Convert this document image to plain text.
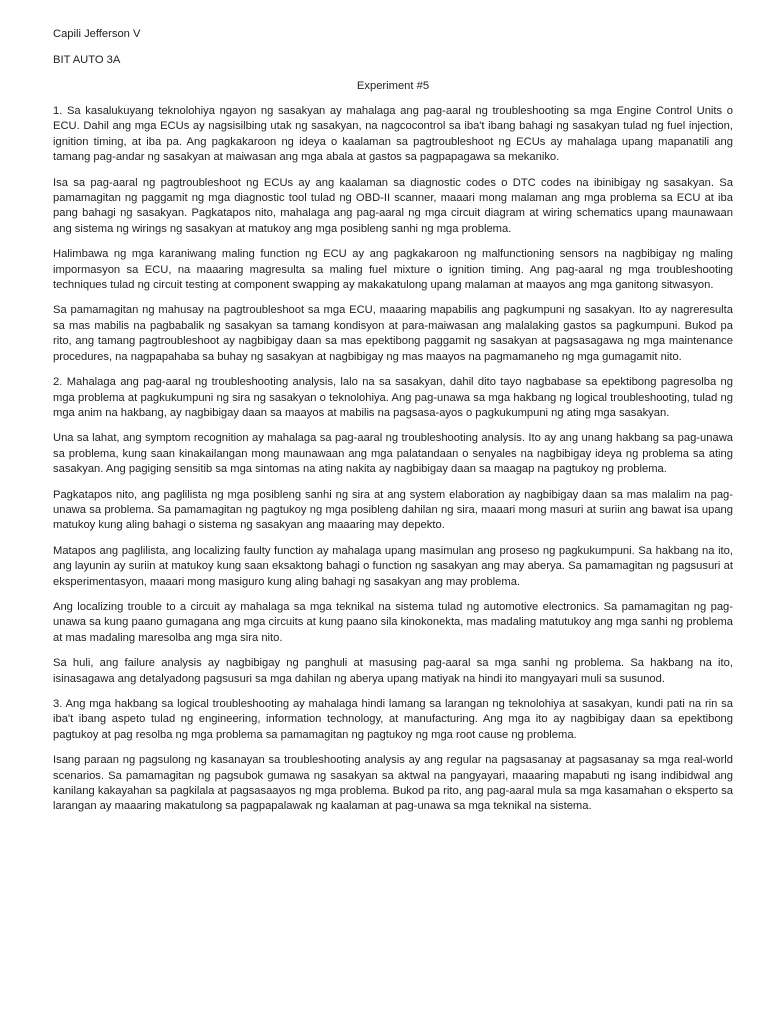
Capili Jefferson V

BIT AUTO 3A

Experiment #5

1. Sa kasalukuyang teknolohiya ngayon ng sasakyan ay mahalaga ang pag-aaral ng troubleshooting sa mga Engine Control Units o ECU. Dahil ang mga ECUs ay nagsisilbing utak ng sasakyan, na nagcocontrol sa iba't ibang bahagi ng sasakyan tulad ng fuel injection, ignition timing, at iba pa. Ang pagkakaroon ng ideya o kaalaman sa pagtroubleshoot ng ECUs ay mahalaga upang mapanatili ang tamang pag-andar ng sasakyan at maiwasan ang mga abala at gastos sa pagpapagawa sa mekaniko.

Isa sa pag-aaral ng pagtroubleshoot ng ECUs ay ang kaalaman sa diagnostic codes o DTC codes na ibinibigay ng sasakyan. Sa pamamagitan ng paggamit ng mga diagnostic tool tulad ng OBD-II scanner, maaari mong malaman ang mga problema sa ECU at iba pang bahagi ng sasakyan. Pagkatapos nito, mahalaga ang pag-aaral ng mga circuit diagram at wiring schematics upang maunawaan ang sistema ng wirings ng sasakyan at matukoy ang mga posibleng sanhi ng mga problema.

Halimbawa ng mga karaniwang maling function ng ECU ay ang pagkakaroon ng malfunctioning sensors na nagbibigay ng maling impormasyon sa ECU, na maaaring magresulta sa maling fuel mixture o ignition timing. Ang pag-aaral ng mga troubleshooting techniques tulad ng circuit testing at component swapping ay makakatulong upang malaman at maayos ang mga ganitong sitwasyon.

Sa pamamagitan ng mahusay na pagtroubleshoot sa mga ECU, maaaring mapabilis ang pagkumpuni ng sasakyan. Ito ay nagreresulta sa mas mabilis na pagbabalik ng sasakyan sa tamang kondisyon at para-maiwasan ang malalaking gastos sa pagkumpuni. Bukod pa rito, ang tamang pagtroubleshoot ay nagbibigay daan sa mas epektibong paggamit ng sasakyan at pagsasagawa ng mga maintenance procedures, na nagpapahaba sa buhay ng sasakyan at nagbibigay ng mas maayos na pagmamaneho ng mga gumagamit nito.

2. Mahalaga ang pag-aaral ng troubleshooting analysis, lalo na sa sasakyan, dahil dito tayo nagbabase sa epektibong pagresolba ng mga problema at pagkukumpuni ng sira ng sasakyan o teknolohiya. Ang pag-unawa sa mga hakbang ng logical troubleshooting, tulad ng mga anim na hakbang, ay nagbibigay daan sa maayos at mabilis na pagsasa-ayos o pagkukumpuni ng ating mga sasakyan.

Una sa lahat, ang symptom recognition ay mahalaga sa pag-aaral ng troubleshooting analysis. Ito ay ang unang hakbang sa pag-unawa sa problema, kung saan kinakailangan mong maunawaan ang mga palatandaan o senyales na nagbibigay ideya ng problema sa ating sasakyan. Ang pagiging sensitib sa mga sintomas na ating nakita ay nagbibigay daan sa maagap na pagtukoy ng problema.

Pagkatapos nito, ang paglilista ng mga posibleng sanhi ng sira at ang system elaboration ay nagbibigay daan sa mas malalim na pag-unawa sa problema. Sa pamamagitan ng pagtukoy ng mga posibleng dahilan ng sira, maaari mong masuri at suriin ang bawat isa upang matukoy kung aling bahagi o sistema ng sasakyan ang maaaring may depekto.

Matapos ang paglilista, ang localizing faulty function ay mahalaga upang masimulan ang proseso ng pagkukumpuni. Sa hakbang na ito, ang layunin ay suriin at matukoy kung saan eksaktong bahagi o function ng sasakyan ang may aberya. Sa pamamagitan ng pagsusuri at eksperimentasyon, maaari mong masiguro kung aling bahagi ng sasakyan ang may problema.

Ang localizing trouble to a circuit ay mahalaga sa mga teknikal na sistema tulad ng automotive electronics. Sa pamamagitan ng pag-unawa sa kung paano gumagana ang mga circuits at kung paano sila kinokonekta, mas madaling matutukoy ang mga sanhi ng problema at mas madaling maresolba ang mga sira nito.

Sa huli, ang failure analysis ay nagbibigay ng panghuli at masusing pag-aaral sa mga sanhi ng problema. Sa hakbang na ito, isinasagawa ang detalyadong pagsusuri sa mga dahilan ng aberya upang matiyak na hindi ito mangyayari muli sa susunod.

3. Ang mga hakbang sa logical troubleshooting ay mahalaga hindi lamang sa larangan ng teknolohiya at sasakyan, kundi pati na rin sa iba't ibang aspeto tulad ng engineering, information technology, at manufacturing. Ang mga ito ay nagbibigay daan sa epektibong pagtukoy at pag resolba ng mga problema sa pamamagitan ng pagtukoy ng mga root cause ng problema.

Isang paraan ng pagsulong ng kasanayan sa troubleshooting analysis ay ang regular na pagsasanay at pagsasanay sa mga real-world scenarios. Sa pamamagitan ng pagsubok gumawa ng sasakyan sa aktwal na pangyayari, maaaring mapabuti ng isang indibidwal ang kanilang kakayahan sa pagkilala at pagsasaayos ng mga problema. Bukod pa rito, ang pag-aaral mula sa mga kasamahan o eksperto sa larangan ay maaaring makatulong sa pagpapalawak ng kaalaman at pag-unawa sa mga teknikal na sistema.
